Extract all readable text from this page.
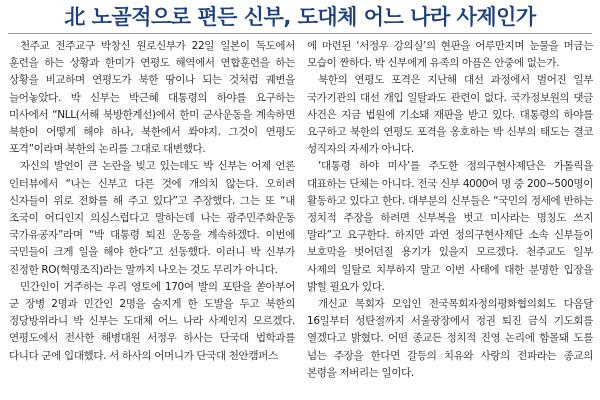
北 노골적으로 편든 신부, 도대체 어느 나라 사제인가

천주교 전주교구 박창신 원로신부가 22일 일본이 독도에서 훈련을 하는 상황과 한미가 연평도 해역에서 연합훈련을 하는 상황을 비교하며 연평도가 북한 땅이나 되는 것처럼 궤변을 늘어놓았다. 박 신부는 박근혜 대통령의 하야를 요구하는 미사에서 “NLL(서해 북방한계선)에서 한미 군사운동을 계속하면 북한이 어떻게 해야 하나, 북한에서 쏴야지. 그것이 연평도 포격”이라며 북한의 논리를 그대로 대변했다.

자신의 발언이 큰 논란을 빚고 있는데도 박 신부는 어제 언론 인터뷰에서 “나는 신부고 다른 것에 개의치 않는다. 오히려 신자들이 위로 전화를 해 주고 있다”고 주장했다. 그는 또 “내 조국이 어디인지 의심스럽다고 말하는데 나는 광주민주화운동 국가유공자”라며 “박 대통령 퇴진 운동을 계속하겠다. 이번에 국민들이 크게 일을 해야 한다”고 선동했다. 이러니 박 신부가 진정한 RO(혁명조직)라는 말까지 나오는 것도 무리가 아니다.

민간인이 거주하는 우리 영토에 170여 발의 포탄을 쏟아부어 군 장병 2명과 민간인 2명을 숨지게 한 도발을 두고 북한의 정당방위라니 박 신부는 도대체 어느 나라 사제인지 모르겠다. 연평도에서 전사한 해병대원 서정우 하사는 단국대 법학과를 다니다 군에 입대했다. 서 하사의 어머니가 단국대 천안캠퍼스

에 마련된 ‘서정우 강의실’의 현판을 어루만지며 눈물을 머금는 모습이 짠하다. 박 신부에게 유족의 아픔은 안중에 없는가.

북한의 연평도 포격은 지난해 대선 과정에서 벌어진 일부 국가기관의 대선 개입 일탈과도 관련이 없다. 국가정보원의 댓글 사건은 지금 법원에 기소돼 재판을 받고 있다. 대통령의 하야를 요구하고 북한의 연평도 포격을 옹호하는 박 신부의 태도는 결코 성직자의 자세가 아니다.

‘대통령 하야 미사’를 주도한 정의구현사제단은 가톨릭을 대표하는 단체는 아니다. 전국 신부 4000여 명 중 200∼500명이 활동하고 있다고 한다. 대부분의 신부들은 “국민의 정세에 반하는 정치적 주장을 하려면 신부복을 벗고 미사라는 명칭도 쓰지 말라”고 요구한다. 하지만 과연 정의구현사제단 소속 신부들이 보호막을 벗어던질 용기가 있을지 모르겠다. 천주교도 일부 사제의 일탈로 치부하지 말고 이번 사태에 대한 분명한 입장을 밝힐 필요가 있다.

개신교 목회자 모임인 전국목회자정의평화협의회도 다음달 16일부터 성탄절까지 서울광장에서 정권 퇴진 금식 기도회를 열겠다고 밝혔다. 어떤 종교든 정치적 진영 논리에 함몰돼 도를 넘는 주장을 한다면 갈등의 치유와 사랑의 전파라는 종교의 본령을 저버리는 일이다.
